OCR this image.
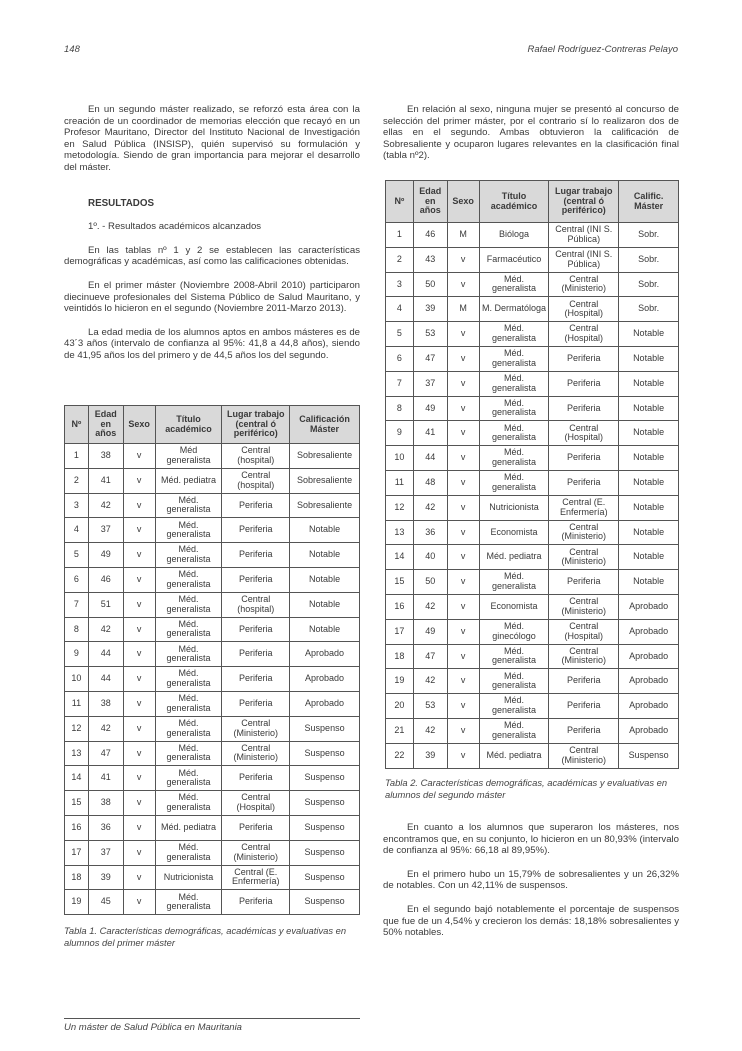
148	Rafael Rodríguez-Contreras Pelayo

En un segundo máster realizado, se reforzó esta área con la creación de un coordinador de memorias elección que recayó en un Profesor Mauritano, Director del Instituto Nacional de Investigación en Salud Pública (INSISP), quién supervisó su formulación y metodología. Siendo de gran importancia para mejorar el desarrollo del máster.

RESULTADOS
1º. - Resultados académicos alcanzados

En las tablas nº 1 y 2 se establecen las características demográficas y académicas, así como las calificaciones obtenidas.

En el primer máster (Noviembre 2008-Abril 2010) participaron diecinueve profesionales del Sistema Público de Salud Mauritano, y veintidós lo hicieron en el segundo (Noviembre 2011-Marzo 2013).

La edad media de los alumnos aptos en ambos másteres es de 43´3 años (intervalo de confianza al 95%: 41,8 a 44,8 años), siendo de 41,95 años los del primero y de 44,5 años los del segundo.

Nº	Edad en años	Sexo	Título académico	Lugar trabajo (central ó periférico)	Calificación Máster
1	38	v	Méd generalista	Central (hospital)	Sobresaliente
2	41	v	Méd. pediatra	Central (hospital)	Sobresaliente
3	42	v	Méd. generalista	Periferia	Sobresaliente
4	37	v	Méd. generalista	Periferia	Notable
5	49	v	Méd. generalista	Periferia	Notable
6	46	v	Méd. generalista	Periferia	Notable
7	51	v	Méd. generalista	Central (hospital)	Notable
8	42	v	Méd. generalista	Periferia	Notable
9	44	v	Méd. generalista	Periferia	Aprobado
10	44	v	Méd. generalista	Periferia	Aprobado
11	38	v	Méd. generalista	Periferia	Aprobado
12	42	v	Méd. generalista	Central (Ministerio)	Suspenso
13	47	v	Méd. generalista	Central (Ministerio)	Suspenso
14	41	v	Méd. generalista	Periferia	Suspenso
15	38	v	Méd. generalista	Central (Hospital)	Suspenso
16	36	v	Méd. pediatra	Periferia	Suspenso
17	37	v	Méd. generalista	Central (Ministerio)	Suspenso
18	39	v	Nutricionista	Central (E. Enfermería)	Suspenso
19	45	v	Méd. generalista	Periferia	Suspenso
Tabla 1. Características demográficas, académicas y evaluativas en alumnos del primer máster

En relación al sexo, ninguna mujer se presentó al concurso de selección del primer máster, por el contrario sí lo realizaron dos de ellas en el segundo. Ambas obtuvieron la calificación de Sobresaliente y ocuparon lugares relevantes en la clasificación final (tabla nº2).

Nº	Edad en años	Sexo	Título académico	Lugar trabajo (central ó periférico)	Calific. Máster
1	46	M	Bióloga	Central (INI S. Pública)	Sobr.
2	43	v	Farmacéutico	Central (INI S. Pública)	Sobr.
3	50	v	Méd. generalista	Central (Ministerio)	Sobr.
4	39	M	M. Dermatóloga	Central (Hospital)	Sobr.
5	53	v	Méd. generalista	Central (Hospital)	Notable
6	47	v	Méd. generalista	Periferia	Notable
7	37	v	Méd. generalista	Periferia	Notable
8	49	v	Méd. generalista	Periferia	Notable
9	41	v	Méd. generalista	Central (Hospital)	Notable
10	44	v	Méd. generalista	Periferia	Notable
11	48	v	Méd. generalista	Periferia	Notable
12	42	v	Nutricionista	Central (E. Enfermería)	Notable
13	36	v	Economista	Central (Ministerio)	Notable
14	40	v	Méd. pediatra	Central (Ministerio)	Notable
15	50	v	Méd. generalista	Periferia	Notable
16	42	v	Economista	Central (Ministerio)	Aprobado
17	49	v	Méd. ginecólogo	Central (Hospital)	Aprobado
18	47	v	Méd. generalista	Central (Ministerio)	Aprobado
19	42	v	Méd. generalista	Periferia	Aprobado
20	53	v	Méd. generalista	Periferia	Aprobado
21	42	v	Méd. generalista	Periferia	Aprobado
22	39	v	Méd. pediatra	Central (Ministerio)	Suspenso
Tabla 2. Características demográficas, académicas y evaluativas en alumnos del segundo máster

En cuanto a los alumnos que superaron los másteres, nos encontramos que, en su conjunto, lo hicieron en un 80,93% (intervalo de confianza al 95%: 66,18 al 89,95%).

En el primero hubo un 15,79% de sobresalientes y un 26,32% de notables. Con un 42,11% de suspensos.

En el segundo bajó notablemente el porcentaje de suspensos que fue de un 4,54% y crecieron los demás: 18,18% sobresalientes y 50% notables.

Un máster de Salud Pública en Mauritania
